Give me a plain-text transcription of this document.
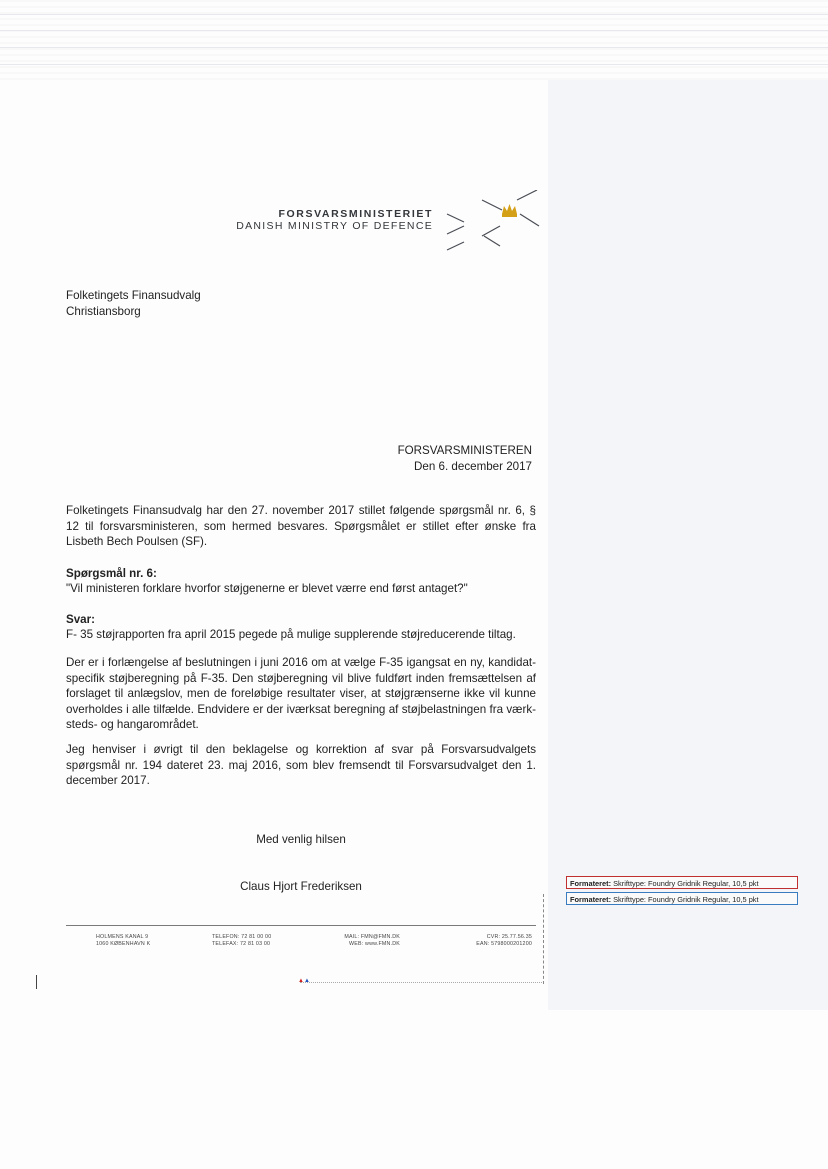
FORSVARSMINISTERIET
DANISH MINISTRY OF DEFENCE
Folketingets Finansudvalg
Christiansborg
FORSVARSMINISTEREN
Den 6. december 2017
Folketingets Finansudvalg har den 27. november 2017 stillet følgende spørgsmål nr. 6, § 12 til forsvarsministeren, som hermed besvares. Spørgsmålet er stillet efter ønske fra Lisbeth Bech Poulsen (SF).
Spørgsmål nr. 6:
"Vil ministeren forklare hvorfor støjgenerne er blevet værre end først antaget?"
Svar:
F- 35 støjrapporten fra april 2015 pegede på mulige supplerende støjreducerende tiltag.
Der er i forlængelse af beslutningen i juni 2016 om at vælge F-35 igangsat en ny, kandidat-specifik støjberegning på F-35. Den støjberegning vil blive fuldført inden fremsættelsen af forslaget til anlægslov, men de foreløbige resultater viser, at støjgrænserne ikke vil kunne overholdes i alle tilfælde. Endvidere er der iværksat beregning af støjbelastningen fra værk-steds- og hangarområdet.
Jeg henviser i øvrigt til den beklagelse og korrektion af svar på Forsvarsudvalgets spørgsmål nr. 194 dateret 23. maj 2016, som blev fremsendt til Forsvarsudvalget den 1. december 2017.
Med venlig hilsen
Claus Hjort Frederiksen
HOLMENS KANAL 9
1060 KØBENHAVN K
TELEFON: 72 81 00 00
TELEFAX: 72 81 03 00
MAIL: FMN@FMN.DK
WEB: www.FMN.DK
CVR: 25.77.56.35
EAN: 5798000201200
▲▲
Formateret: Skrifttype: Foundry Gridnik Regular, 10,5 pkt
Formateret: Skrifttype: Foundry Gridnik Regular, 10,5 pkt
